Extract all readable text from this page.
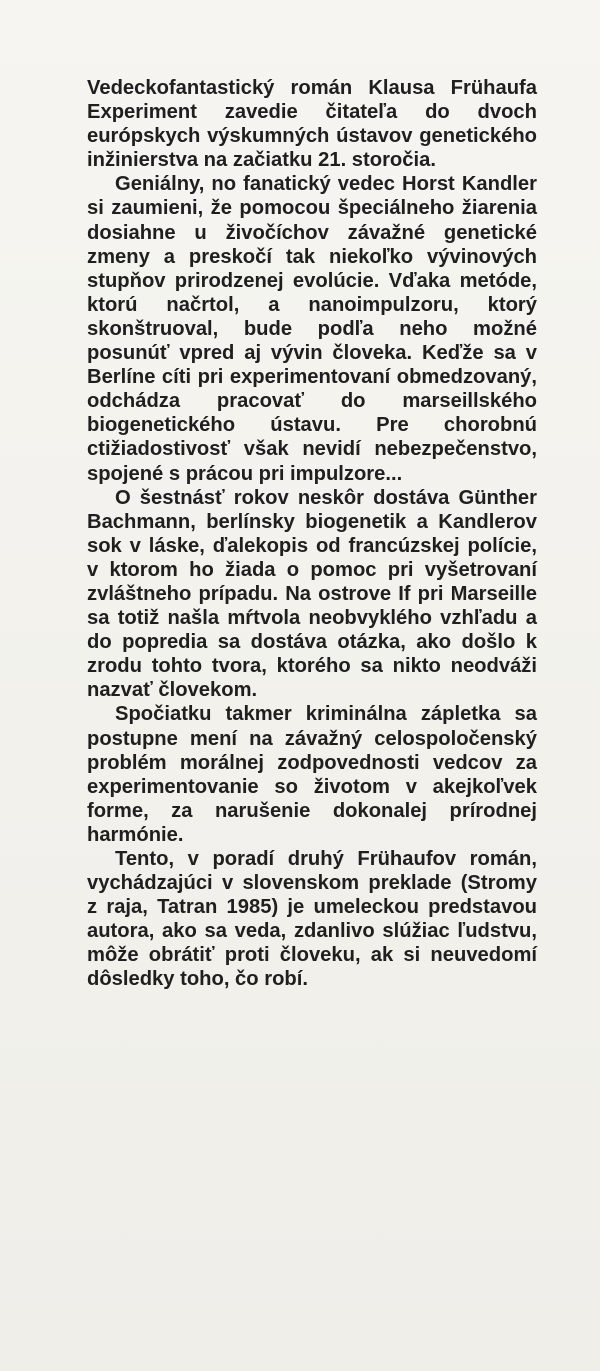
Vedeckofantastický román Klausa Frühaufa Experiment zavedie čitateľa do dvoch európskych výskumných ústavov genetického inžinierstva na začiatku 21. storočia.

Geniálny, no fanatický vedec Horst Kandler si zaumieni, že pomocou špeciálneho žiarenia dosiahne u živočíchov závažné genetické zmeny a preskočí tak niekoľko vývinových stupňov prirodzenej evolúcie. Vďaka metóde, ktorú načrtol, a nanoimpulzoru, ktorý skonštruoval, bude podľa neho možné posunúť vpred aj vývin človeka. Keďže sa v Berlíne cíti pri experimentovaní obmedzovaný, odchádza pracovať do marseillského biogenetického ústavu. Pre chorobnú ctižiadostivosť však nevidí nebezpečenstvo, spojené s prácou pri impulzore...

O šestnásť rokov neskôr dostáva Günther Bachmann, berlínsky biogenetik a Kandlerov sok v láske, ďalekopis od francúzskej polície, v ktorom ho žiada o pomoc pri vyšetrovaní zvláštneho prípadu. Na ostrove If pri Marseille sa totiž našla mŕtvola neobvyklého vzhľadu a do popredia sa dostáva otázka, ako došlo k zrodu tohto tvora, ktorého sa nikto neodváži nazvať človekom.

Spočiatku takmer kriminálna zápletka sa postupne mení na závažný celospoločenský problém morálnej zodpovednosti vedcov za experimentovanie so životom v akejkoľvek forme, za narušenie dokonalej prírodnej harmónie.

Tento, v poradí druhý Frühaufov román, vychádzajúci v slovenskom preklade (Stromy z raja, Tatran 1985) je umeleckou predstavou autora, ako sa veda, zdanlivo slúžiac ľudstvu, môže obrátiť proti človeku, ak si neuvedomí dôsledky toho, čo robí.
